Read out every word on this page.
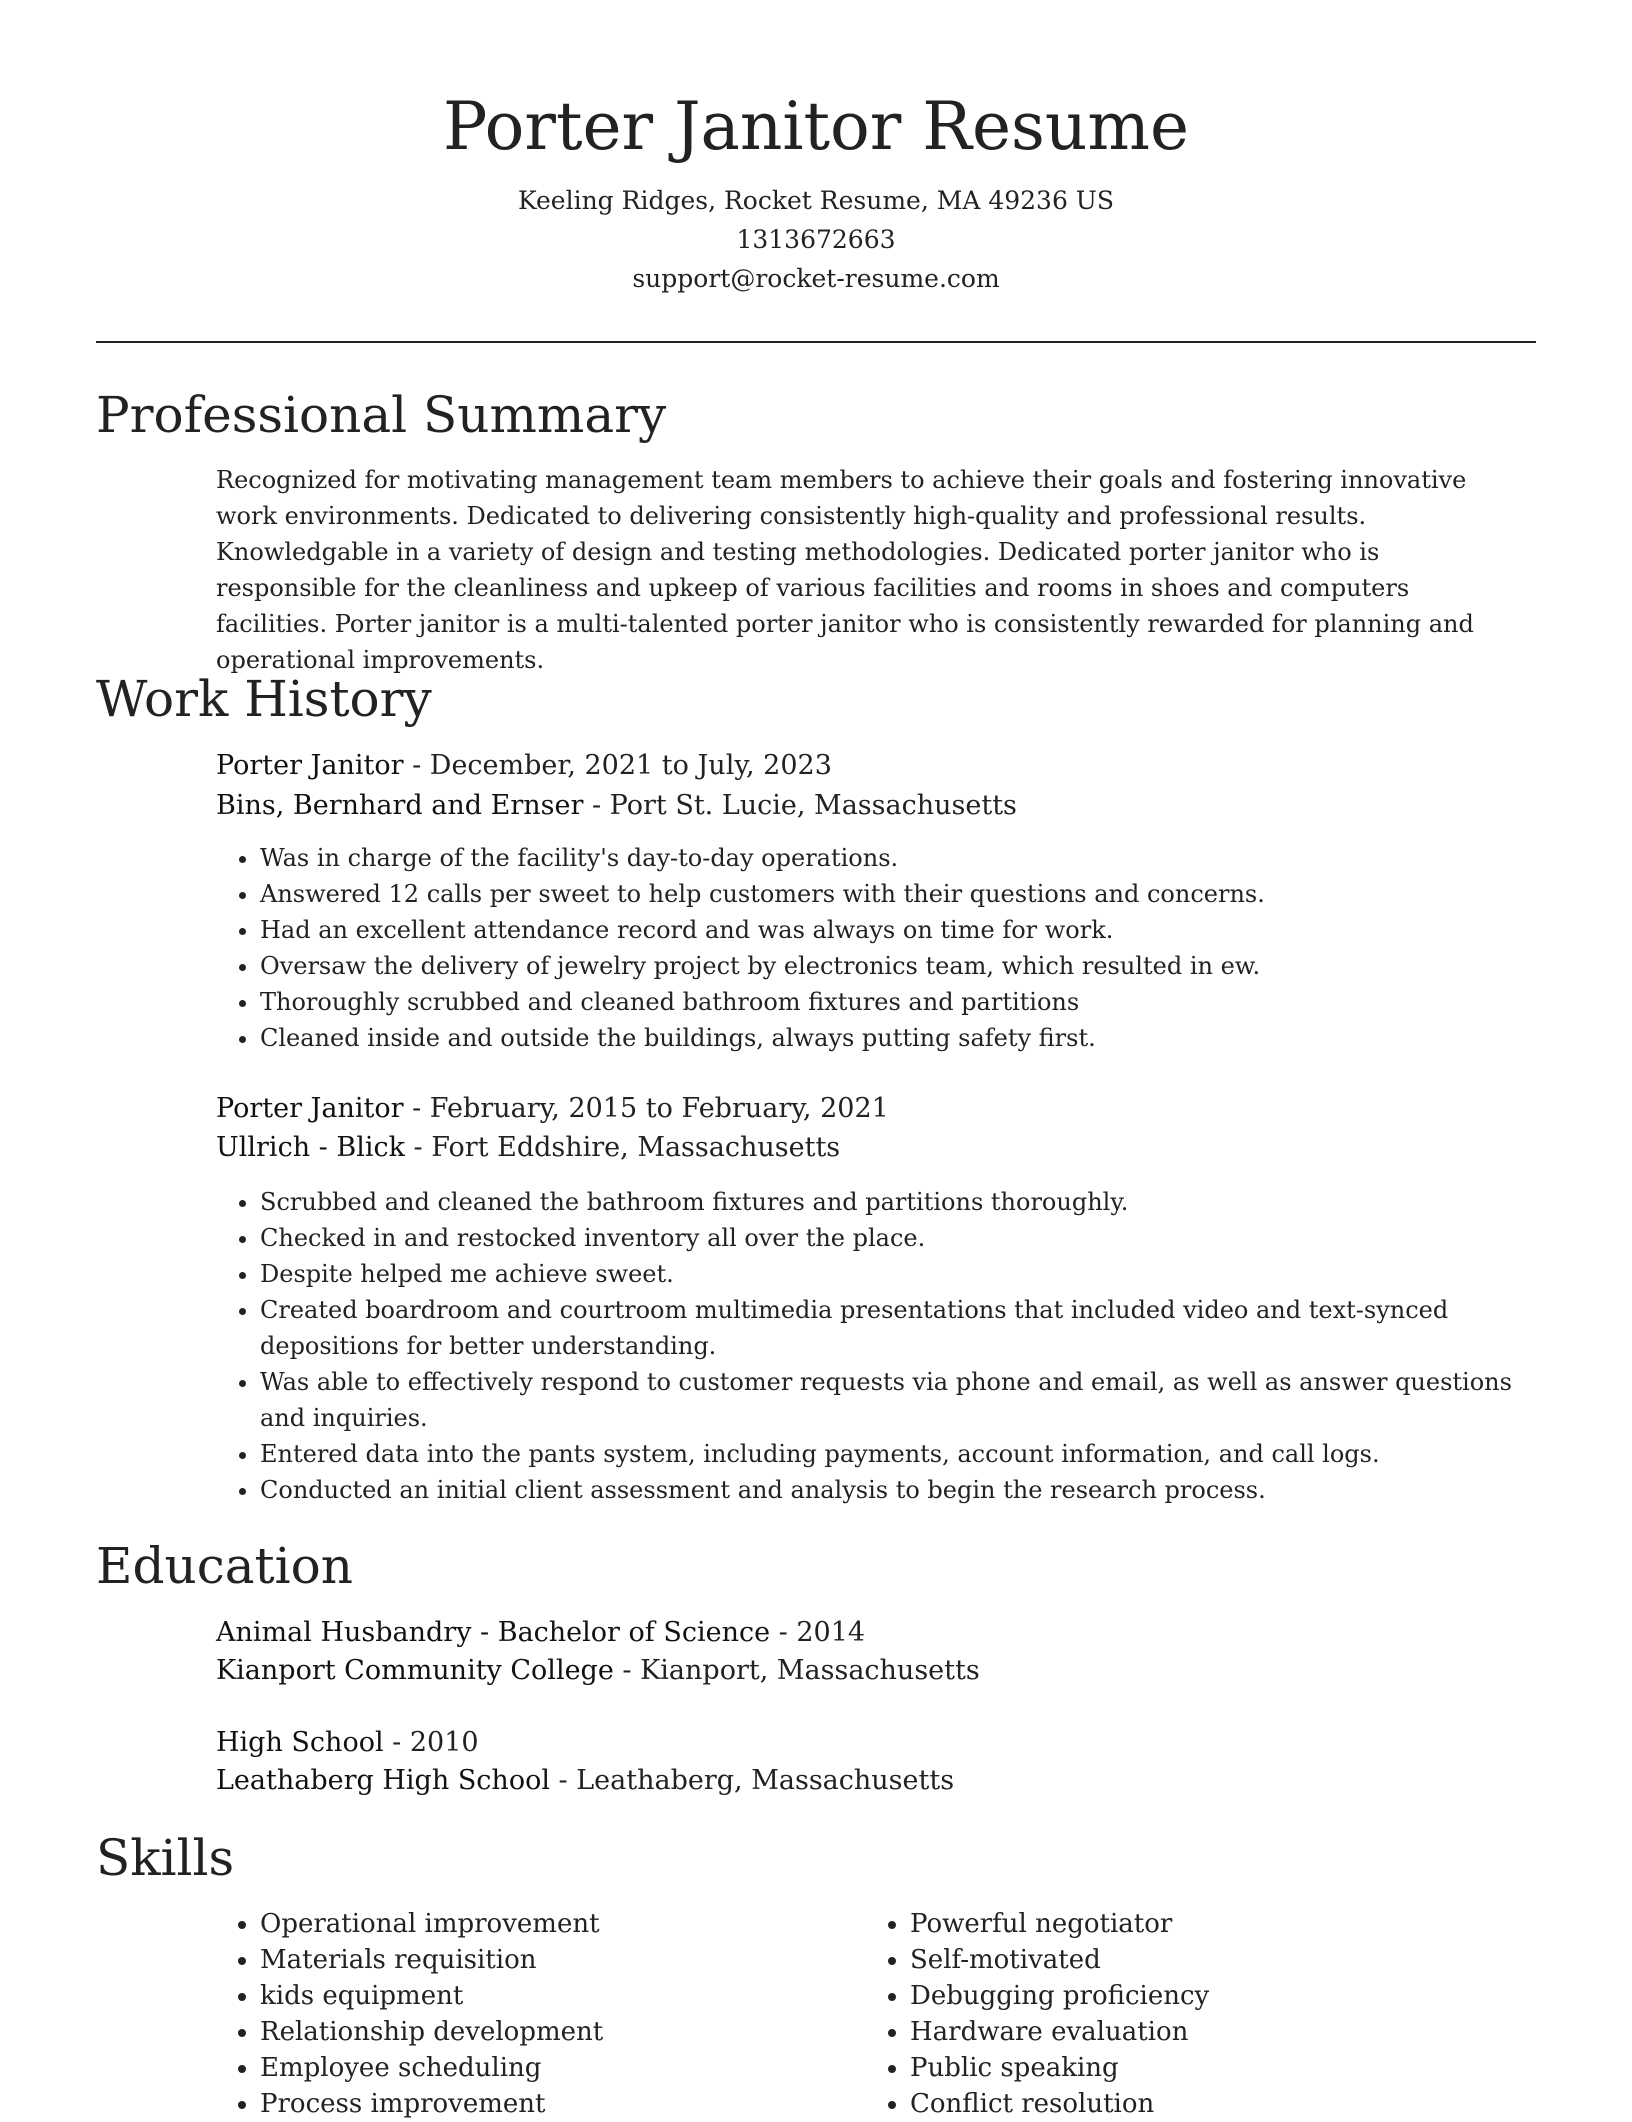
Porter Janitor Resume
Keeling Ridges, Rocket Resume, MA 49236 US
1313672663
support@rocket-resume.com
Professional Summary
Recognized for motivating management team members to achieve their goals and fostering innovative work environments. Dedicated to delivering consistently high-quality and professional results. Knowledgable in a variety of design and testing methodologies. Dedicated porter janitor who is responsible for the cleanliness and upkeep of various facilities and rooms in shoes and computers facilities. Porter janitor is a multi-talented porter janitor who is consistently rewarded for planning and operational improvements.
Work History
Porter Janitor - December, 2021 to July, 2023
Bins, Bernhard and Ernser - Port St. Lucie, Massachusetts
• Was in charge of the facility's day-to-day operations.
• Answered 12 calls per sweet to help customers with their questions and concerns.
• Had an excellent attendance record and was always on time for work.
• Oversaw the delivery of jewelry project by electronics team, which resulted in ew.
• Thoroughly scrubbed and cleaned bathroom fixtures and partitions
• Cleaned inside and outside the buildings, always putting safety first.
Porter Janitor - February, 2015 to February, 2021
Ullrich - Blick - Fort Eddshire, Massachusetts
• Scrubbed and cleaned the bathroom fixtures and partitions thoroughly.
• Checked in and restocked inventory all over the place.
• Despite helped me achieve sweet.
• Created boardroom and courtroom multimedia presentations that included video and text-synced depositions for better understanding.
• Was able to effectively respond to customer requests via phone and email, as well as answer questions and inquiries.
• Entered data into the pants system, including payments, account information, and call logs.
• Conducted an initial client assessment and analysis to begin the research process.
Education
Animal Husbandry - Bachelor of Science - 2014
Kianport Community College - Kianport, Massachusetts
High School - 2010
Leathaberg High School - Leathaberg, Massachusetts
Skills
• Operational improvement
• Materials requisition
• kids equipment
• Relationship development
• Employee scheduling
• Process improvement
• Powerful negotiator
• Self-motivated
• Debugging proficiency
• Hardware evaluation
• Public speaking
• Conflict resolution
